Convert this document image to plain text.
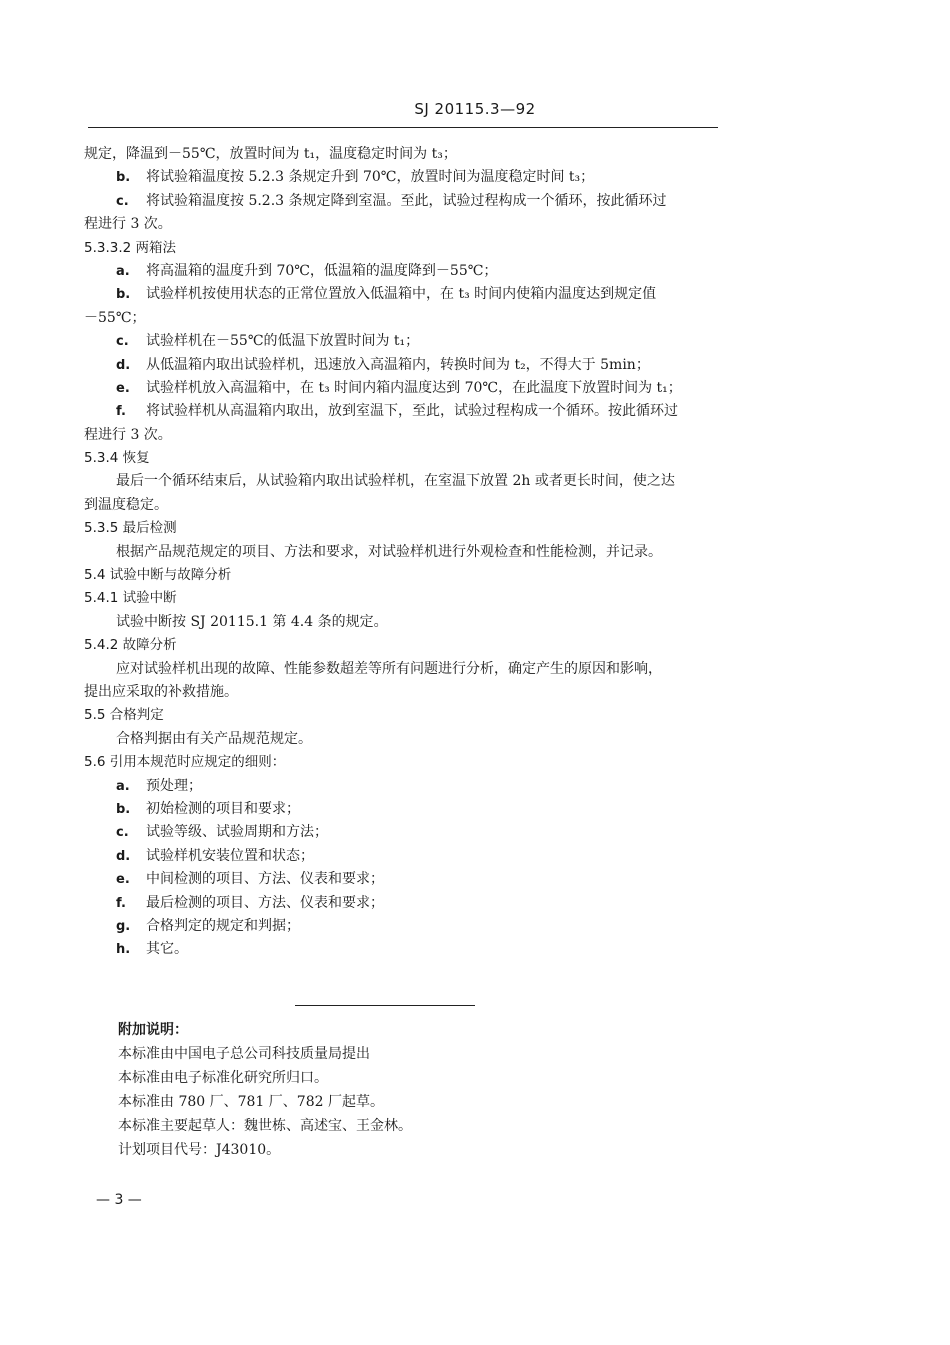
SJ 20115.3—92
规定，降温到－55℃，放置时间为 t₁，温度稳定时间为 t₃；
b. 将试验箱温度按 5.2.3 条规定升到 70℃，放置时间为温度稳定时间 t₃；
c. 将试验箱温度按 5.2.3 条规定降到室温。至此，试验过程构成一个循环，按此循环过
程进行 3 次。
5.3.3.2 两箱法
a. 将高温箱的温度升到 70℃，低温箱的温度降到－55℃；
b. 试验样机按使用状态的正常位置放入低温箱中，在 t₃ 时间内使箱内温度达到规定值
－55℃；
c. 试验样机在－55℃的低温下放置时间为 t₁；
d. 从低温箱内取出试验样机，迅速放入高温箱内，转换时间为 t₂，不得大于 5min；
e. 试验样机放入高温箱中，在 t₃ 时间内箱内温度达到 70℃，在此温度下放置时间为 t₁；
f. 将试验样机从高温箱内取出，放到室温下，至此，试验过程构成一个循环。按此循环过
程进行 3 次。
5.3.4 恢复
最后一个循环结束后，从试验箱内取出试验样机，在室温下放置 2h 或者更长时间，使之达
到温度稳定。
5.3.5 最后检测
根据产品规范规定的项目、方法和要求，对试验样机进行外观检查和性能检测，并记录。
5.4 试验中断与故障分析
5.4.1 试验中断
试验中断按 SJ 20115.1 第 4.4 条的规定。
5.4.2 故障分析
应对试验样机出现的故障、性能参数超差等所有问题进行分析，确定产生的原因和影响，
提出应采取的补救措施。
5.5 合格判定
合格判据由有关产品规范规定。
5.6 引用本规范时应规定的细则：
a. 预处理；
b. 初始检测的项目和要求；
c. 试验等级、试验周期和方法；
d. 试验样机安装位置和状态；
e. 中间检测的项目、方法、仪表和要求；
f. 最后检测的项目、方法、仪表和要求；
g. 合格判定的规定和判据；
h. 其它。
附加说明：
本标准由中国电子总公司科技质量局提出
本标准由电子标准化研究所归口。
本标准由 780 厂、781 厂、782 厂起草。
本标准主要起草人：魏世栋、高述宝、王金林。
计划项目代号：J43010。
— 3 —
